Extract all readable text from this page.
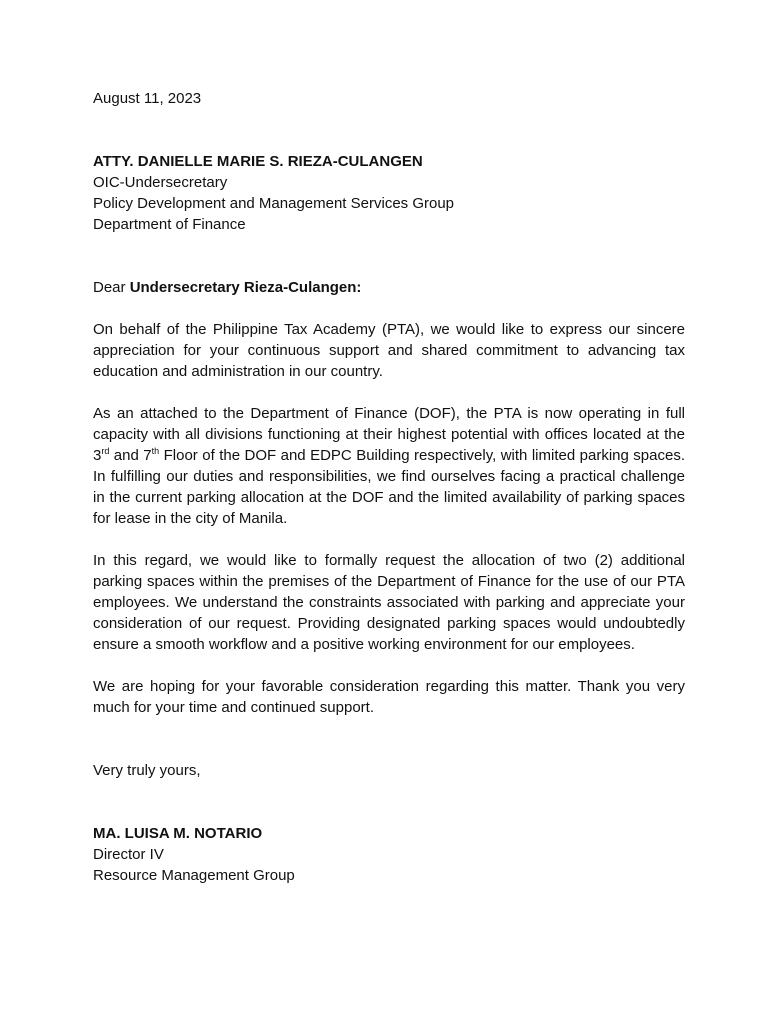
August 11, 2023
ATTY. DANIELLE MARIE S. RIEZA-CULANGEN
OIC-Undersecretary
Policy Development and Management Services Group
Department of Finance
Dear Undersecretary Rieza-Culangen:

On behalf of the Philippine Tax Academy (PTA), we would like to express our sincere appreciation for your continuous support and shared commitment to advancing tax education and administration in our country.

As an attached to the Department of Finance (DOF), the PTA is now operating in full capacity with all divisions functioning at their highest potential with offices located at the 3rd and 7th Floor of the DOF and EDPC Building respectively, with limited parking spaces. In fulfilling our duties and responsibilities, we find ourselves facing a practical challenge in the current parking allocation at the DOF and the limited availability of parking spaces for lease in the city of Manila.

In this regard, we would like to formally request the allocation of two (2) additional parking spaces within the premises of the Department of Finance for the use of our PTA employees. We understand the constraints associated with parking and appreciate your consideration of our request. Providing designated parking spaces would undoubtedly ensure a smooth workflow and a positive working environment for our employees.

We are hoping for your favorable consideration regarding this matter. Thank you very much for your time and continued support.

Very truly yours,
MA. LUISA M. NOTARIO
Director IV
Resource Management Group
